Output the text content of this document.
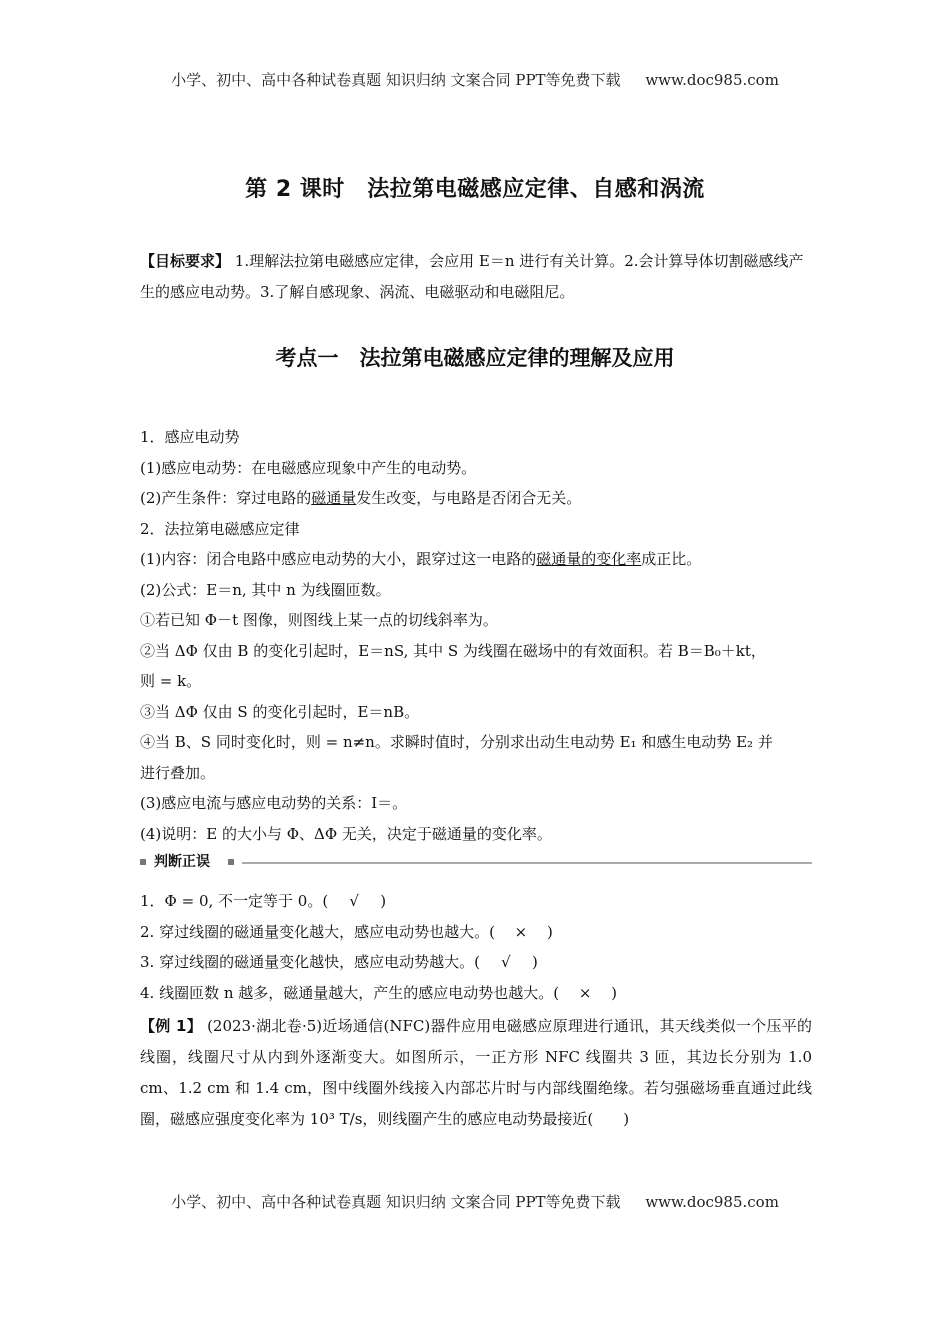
小学、初中、高中各种试卷真题 知识归纳 文案合同 PPT等免费下载 www.doc985.com
第 2 课时　法拉第电磁感应定律、自感和涡流
【目标要求】 1.理解法拉第电磁感应定律，会应用 E＝n 进行有关计算。2.会计算导体切割磁感线产生的感应电动势。3.了解自感现象、涡流、电磁驱动和电磁阻尼。
考点一　法拉第电磁感应定律的理解及应用
1．感应电动势
(1)感应电动势：在电磁感应现象中产生的电动势。
(2)产生条件：穿过电路的磁通量发生改变，与电路是否闭合无关。
2．法拉第电磁感应定律
(1)内容：闭合电路中感应电动势的大小，跟穿过这一电路的磁通量的变化率成正比。
(2)公式：E＝n, 其中 n 为线圈匝数。
①若已知 Φ－t 图像，则图线上某一点的切线斜率为。
②当 ΔΦ 仅由 B 的变化引起时，E＝nS, 其中 S 为线圈在磁场中的有效面积。若 B＝B₀＋kt，
则 = k。
③当 ΔΦ 仅由 S 的变化引起时，E＝nB。
④当 B、S 同时变化时，则 = n≠n。求瞬时值时，分别求出动生电动势 E₁ 和感生电动势 E₂ 并
进行叠加。
(3)感应电流与感应电动势的关系：I＝。
(4)说明：E 的大小与 Φ、ΔΦ 无关，决定于磁通量的变化率。
判断正误
1．Φ = 0, 不一定等于 0。( √ )
2. 穿过线圈的磁通量变化越大，感应电动势也越大。( × )
3. 穿过线圈的磁通量变化越快，感应电动势越大。( √ )
4. 线圈匝数 n 越多，磁通量越大，产生的感应电动势也越大。( × )
【例 1】 (2023·湖北卷·5)近场通信(NFC)器件应用电磁感应原理进行通讯，其天线类似一个压平的线圈，线圈尺寸从内到外逐渐变大。如图所示，一正方形 NFC 线圈共 3 匝，其边长分别为 1.0 cm、1.2 cm 和 1.4 cm，图中线圈外线接入内部芯片时与内部线圈绝缘。若匀强磁场垂直通过此线圈，磁感应强度变化率为 10³ T/s，则线圈产生的感应电动势最接近(　　)
小学、初中、高中各种试卷真题 知识归纳 文案合同 PPT等免费下载 www.doc985.com
